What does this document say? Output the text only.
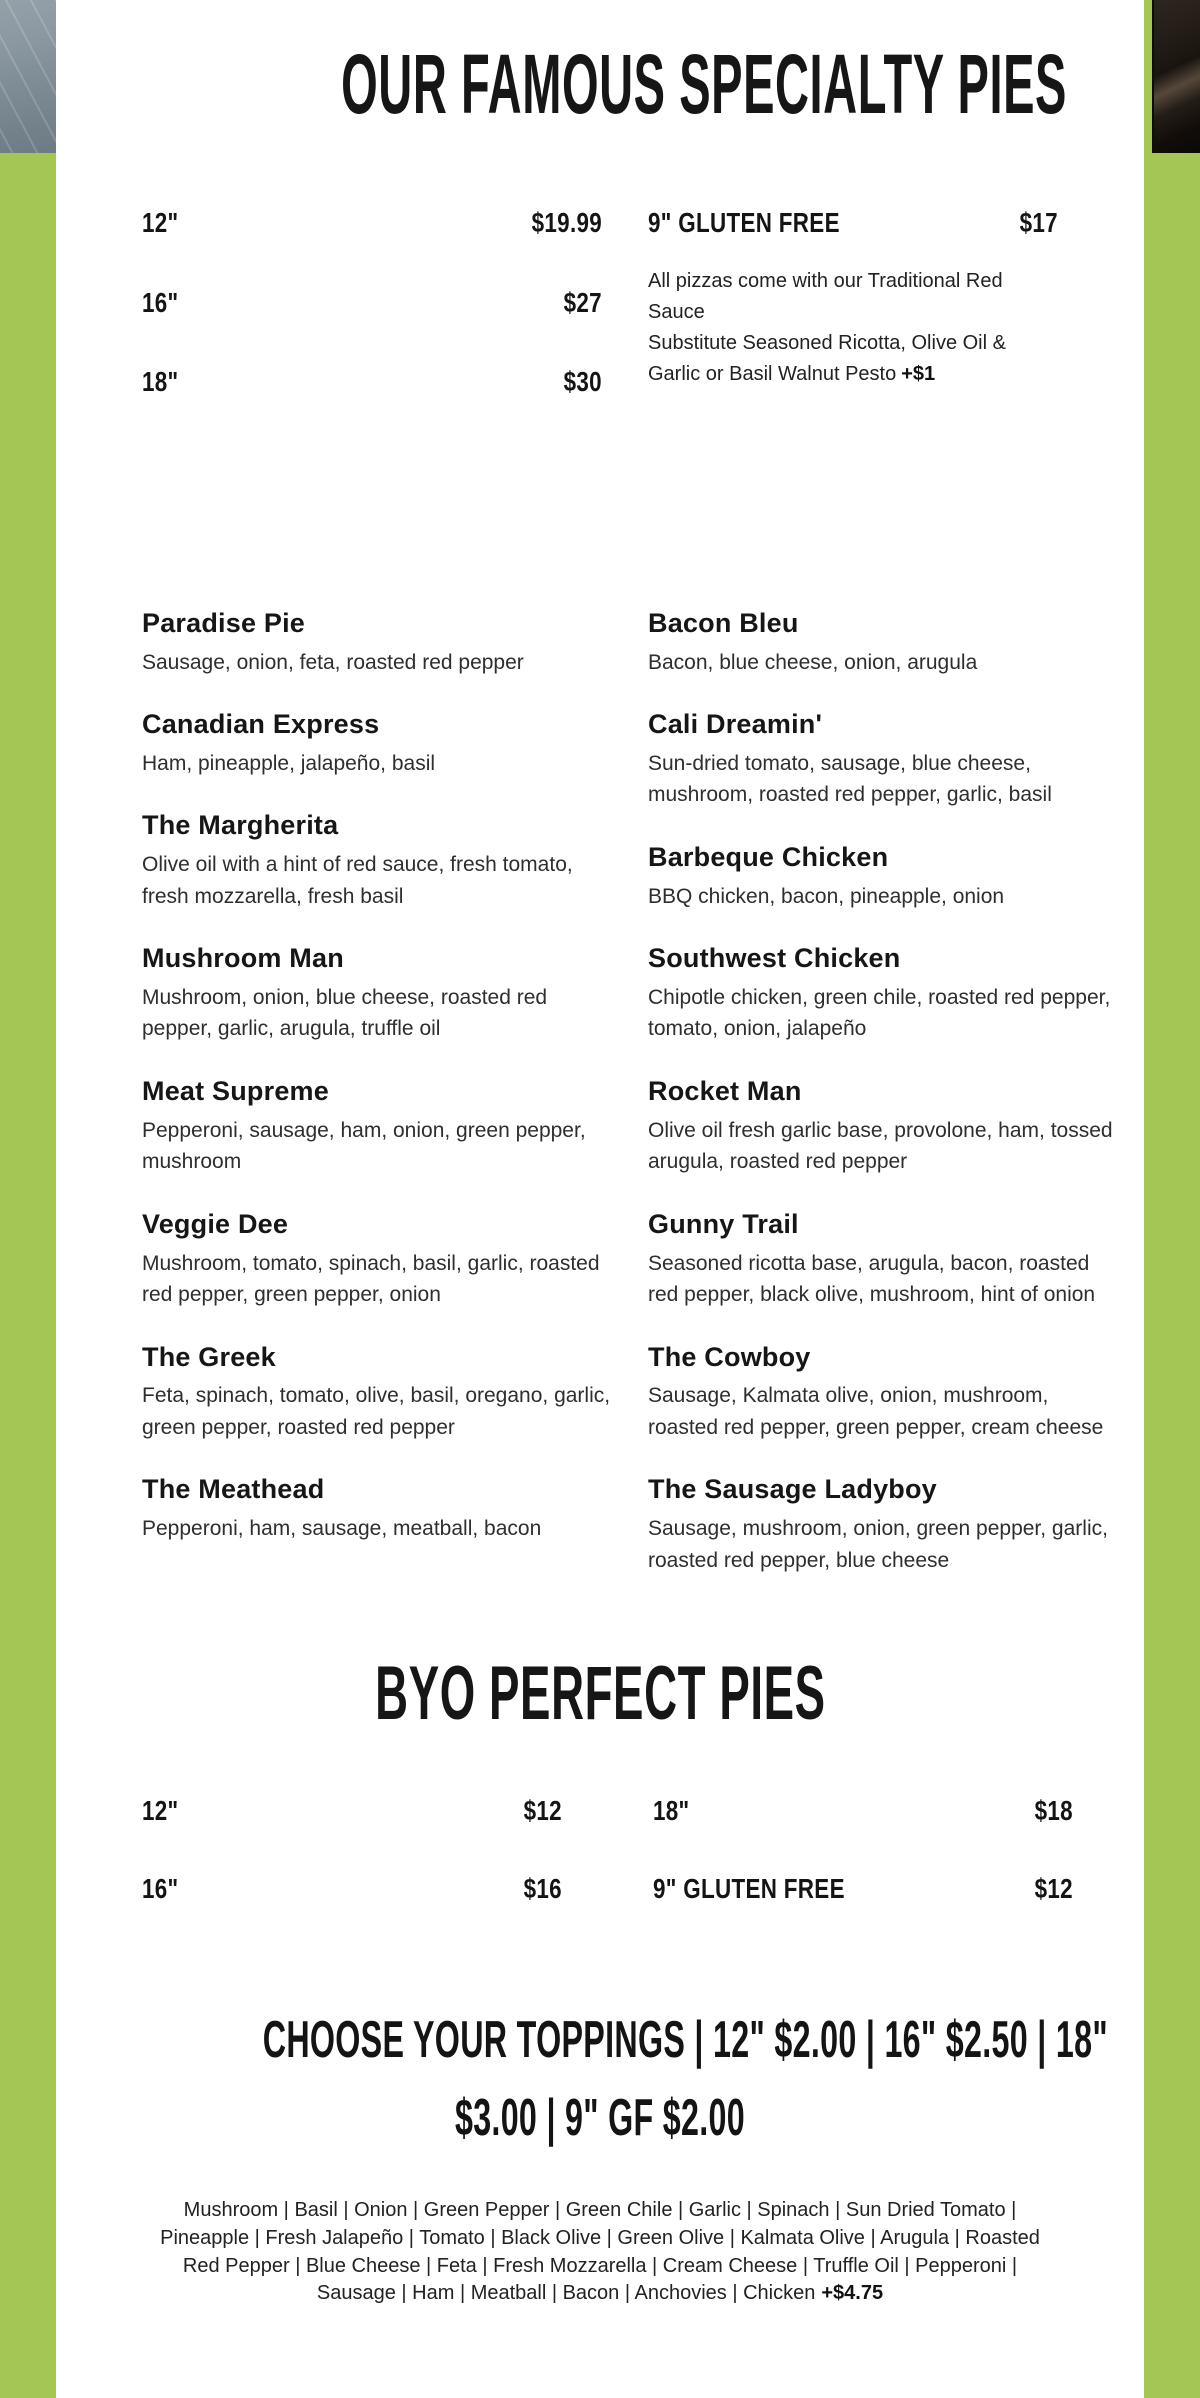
OUR FAMOUS SPECIALTY PIES
12"	$19.99
16"	$27
18"	$30
9" GLUTEN FREE	$17

All pizzas come with our Traditional Red Sauce

Substitute Seasoned Ricotta, Olive Oil & Garlic or Basil Walnut Pesto +$1

Paradise Pie
Sausage, onion, feta, roasted red pepper
Canadian Express
Ham, pineapple, jalapeño, basil
The Margherita
Olive oil with a hint of red sauce, fresh tomato, fresh mozzarella, fresh basil
Mushroom Man
Mushroom, onion, blue cheese, roasted red pepper, garlic, arugula, truffle oil
Meat Supreme
Pepperoni, sausage, ham, onion, green pepper, mushroom
Veggie Dee
Mushroom, tomato, spinach, basil, garlic, roasted red pepper, green pepper, onion
The Greek
Feta, spinach, tomato, olive, basil, oregano, garlic, green pepper, roasted red pepper
The Meathead
Pepperoni, ham, sausage, meatball, bacon
Bacon Bleu
Bacon, blue cheese, onion, arugula
Cali Dreamin'
Sun-dried tomato, sausage, blue cheese, mushroom, roasted red pepper, garlic, basil
Barbeque Chicken
BBQ chicken, bacon, pineapple, onion
Southwest Chicken
Chipotle chicken, green chile, roasted red pepper, tomato, onion, jalapeño
Rocket Man
Olive oil fresh garlic base, provolone, ham, tossed arugula, roasted red pepper
Gunny Trail
Seasoned ricotta base, arugula, bacon, roasted red pepper, black olive, mushroom, hint of onion
The Cowboy
Sausage, Kalmata olive, onion, mushroom, roasted red pepper, green pepper, cream cheese
The Sausage Ladyboy
Sausage, mushroom, onion, green pepper, garlic, roasted red pepper, blue cheese
BYO PERFECT PIES
12"	$12	18"	$18
16"	$16	9" GLUTEN FREE	$12
CHOOSE YOUR TOPPINGS | 12" $2.00 | 16" $2.50 | 18"
$3.00 | 9" GF $2.00

Mushroom | Basil | Onion | Green Pepper | Green Chile | Garlic | Spinach | Sun Dried Tomato | Pineapple | Fresh Jalapeño | Tomato | Black Olive | Green Olive | Kalmata Olive | Arugula | Roasted Red Pepper | Blue Cheese | Feta | Fresh Mozzarella | Cream Cheese | Truffle Oil | Pepperoni | Sausage | Ham | Meatball | Bacon | Anchovies | Chicken +$4.75
